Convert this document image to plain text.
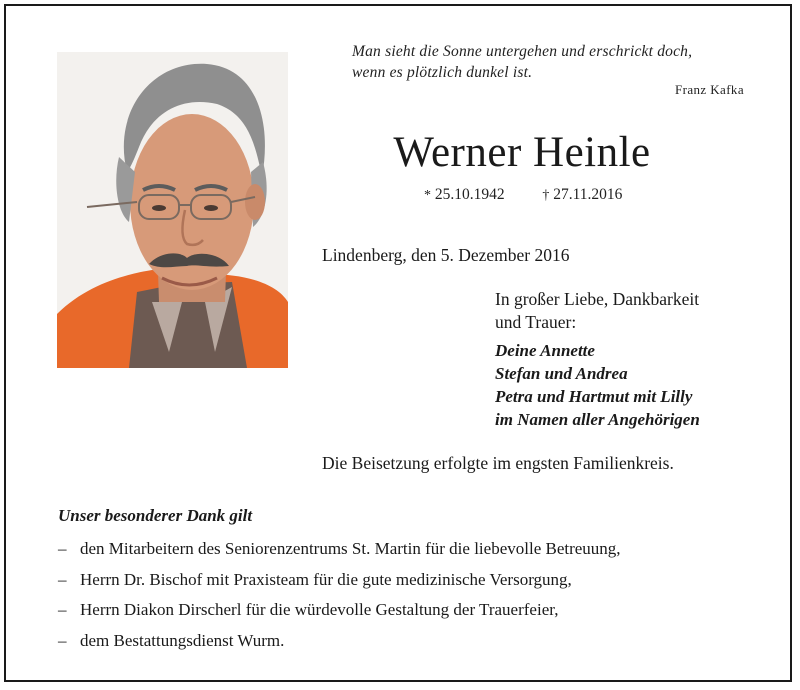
Man sieht die Sonne untergehen und erschrickt doch,
wenn es plötzlich dunkel ist.
Franz Kafka
Werner Heinle
* 25.10.1942	† 27.11.2016
Lindenberg, den 5. Dezember 2016
In großer Liebe, Dankbarkeit
und Trauer:
Deine Annette
Stefan und Andrea
Petra und Hartmut mit Lilly
im Namen aller Angehörigen
Die Beisetzung erfolgte im engsten Familienkreis.
Unser besonderer Dank gilt
– den Mitarbeitern des Seniorenzentrums St. Martin für die liebevolle Betreuung,
– Herrn Dr. Bischof mit Praxisteam für die gute medizinische Versorgung,
– Herrn Diakon Dirscherl für die würdevolle Gestaltung der Trauerfeier,
– dem Bestattungsdienst Wurm.
